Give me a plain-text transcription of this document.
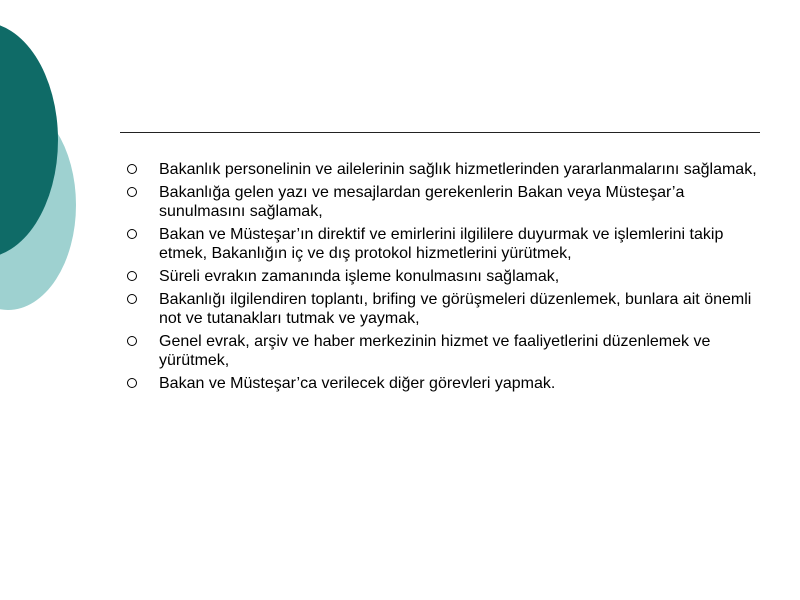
Bakanlık personelinin ve ailelerinin sağlık hizmetlerinden yararlanmalarını sağlamak,
Bakanlığa gelen yazı ve mesajlardan gerekenlerin Bakan veya Müsteşar’a sunulmasını sağlamak,
Bakan ve Müsteşar’ın direktif ve emirlerini ilgililere duyurmak ve işlemlerini takip etmek, Bakanlığın iç ve dış protokol hizmetlerini yürütmek,
Süreli evrakın zamanında işleme konulmasını sağlamak,
Bakanlığı ilgilendiren toplantı, brifing ve görüşmeleri düzenlemek, bunlara ait önemli not ve tutanakları tutmak ve yaymak,
Genel evrak, arşiv ve haber merkezinin hizmet ve faaliyetlerini düzenlemek ve yürütmek,
Bakan ve Müsteşar’ca verilecek diğer görevleri yapmak.
